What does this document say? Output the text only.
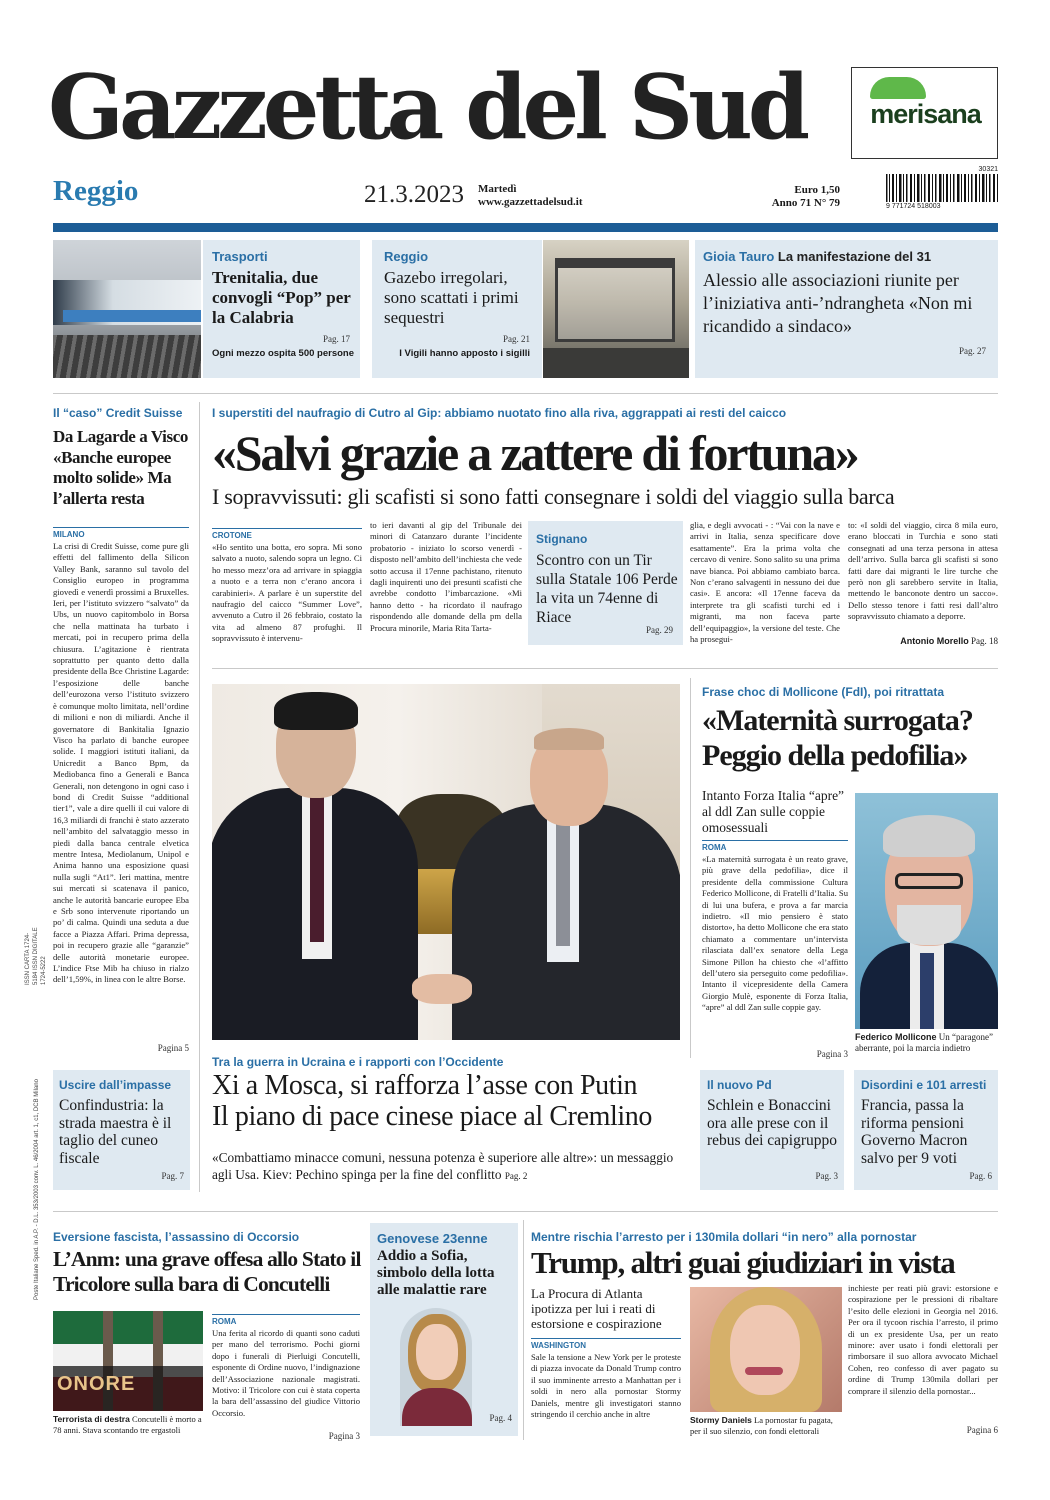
Gazzetta del Sud	merisana
Reggio	21.3.2023 Martedì
www.gazzettadelsud.it
Euro 1,50
Anno 71 N° 79
30321
9 771724 518003
ISSN CARTA 1724-5184 ISSN DIGITALE 1724-5222
Poste Italiane Sped. in A.P. - D.L. 353/2003 conv. L. 46/2004 art. 1, c1, DCB Milano
Trasporti
Trenitalia, due convogli “Pop” per la Calabria
Pag. 17
Ogni mezzo ospita 500 persone
Reggio
Gazebo irregolari, sono scattati i primi sequestri
Pag. 21
I Vigili hanno apposto i sigilli
Gioia Tauro La manifestazione del 31
Alessio alle associazioni riunite per l’iniziativa anti-’ndrangheta «Non mi ricandido a sindaco»
Pag. 27
Il “caso” Credit Suisse
Da Lagarde a Visco «Banche europee molto solide» Ma l’allerta resta
MILANO
La crisi di Credit Suisse, come pure gli effetti del fallimento della Silicon Valley Bank, saranno sul tavolo del Consiglio europeo in programma giovedì e venerdì prossimi a Bruxelles. Ieri, per l’istituto svizzero “salvato” da Ubs, un nuovo capitombolo in Borsa che nella mattinata ha turbato i mercati, poi in recupero prima della chiusura. L’agitazione è rientrata soprattutto per quanto detto dalla presidente della Bce Christine Lagarde: l’esposizione delle banche dell’eurozona verso l’istituto svizzero è comunque molto limitata, nell’ordine di milioni e non di miliardi. Anche il governatore di Bankitalia Ignazio Visco ha parlato di banche europee solide. I maggiori istituti italiani, da Unicredit a Banco Bpm, da Mediobanca fino a Generali e Banca Generali, non detengono in ogni caso i bond di Credit Suisse “additional tier1”, vale a dire quelli il cui valore di 16,3 miliardi di franchi è stato azzerato nell’ambito del salvataggio messo in piedi dalla banca centrale elvetica mentre Intesa, Mediolanum, Unipol e Anima hanno una esposizione quasi nulla sugli “At1”. Ieri mattina, mentre sui mercati si scatenava il panico, anche le autorità bancarie europee Eba e Srb sono intervenute riportando un po’ di calma. Quindi una seduta a due facce a Piazza Affari. Prima depressa, poi in recupero grazie alle “garanzie” delle autorità monetarie europee. L’indice Ftse Mib ha chiuso in rialzo dell’1,59%, in linea con le altre Borse.
Pagina 5
I superstiti del naufragio di Cutro al Gip: abbiamo nuotato fino alla riva, aggrappati ai resti del caicco
«Salvi grazie a zattere di fortuna»
I sopravvissuti: gli scafisti si sono fatti consegnare i soldi del viaggio sulla barca
CROTONE
«Ho sentito una botta, ero sopra. Mi sono salvato a nuoto, salendo sopra un legno. Ci ho messo mezz’ora ad arrivare in spiaggia a nuoto e a terra non c’erano ancora i carabinieri». A parlare è un superstite del naufragio del caicco “Summer Love”, avvenuto a Cutro il 26 febbraio, costato la vita ad almeno 87 profughi. Il sopravvissuto è intervenu-
to ieri davanti al gip del Tribunale dei minori di Catanzaro durante l’incidente probatorio - iniziato lo scorso venerdì - disposto nell’ambito dell’inchiesta che vede sotto accusa il 17enne pachistano, ritenuto dagli inquirenti uno dei presunti scafisti che avrebbe condotto l’imbarcazione. «Mi hanno detto - ha ricordato il naufrago rispondendo alle domande della pm della Procura minorile, Maria Rita Tarta-
Stignano
Scontro con un Tir sulla Statale 106 Perde la vita un 74enne di Riace
Pag. 29
glia, e degli avvocati - : “Vai con la nave e arrivi in Italia, senza specificare dove esattamente”. Era la prima volta che cercavo di venire. Sono salito su una prima nave bianca. Poi abbiamo cambiato barca. Non c’erano salvagenti in nessuno dei due casi». E ancora: «Il 17enne faceva da interprete tra gli scafisti turchi ed i migranti, ma non faceva parte dell’equipaggio», la versione del teste. Che ha prosegui-
to: «I soldi del viaggio, circa 8 mila euro, erano bloccati in Turchia e sono stati consegnati ad una terza persona in attesa dell’arrivo. Sulla barca gli scafisti si sono fatti dare dai migranti le lire turche che però non gli sarebbero servite in Italia, mettendo le banconote dentro un sacco». Dello stesso tenore i fatti resi dall’altro sopravvissuto chiamato a deporre.
Antonio Morello Pag. 18
Tra la guerra in Ucraina e i rapporti con l’Occidente
Xi a Mosca, si rafforza l’asse con Putin
Il piano di pace cinese piace al Cremlino
«Combattiamo minacce comuni, nessuna potenza è superiore alle altre»: un messaggio agli Usa. Kiev: Pechino spinga per la fine del conflitto Pag. 2
Frase choc di Mollicone (FdI), poi ritrattata
«Maternità surrogata? Peggio della pedofilia»
Intanto Forza Italia “apre” al ddl Zan sulle coppie omosessuali
ROMA
«La maternità surrogata è un reato grave, più grave della pedofilia», dice il presidente della commissione Cultura Federico Mollicone, di Fratelli d’Italia. Su di lui una bufera, e prova a far marcia indietro. «Il mio pensiero è stato distorto», ha detto Mollicone che era stato chiamato a commentare un’intervista rilasciata dall’ex senatore della Lega Simone Pillon ha chiesto che «l’affitto dell’utero sia perseguito come pedofilia». Intanto il vicepresidente della Camera Giorgio Mulè, esponente di Forza Italia, “apre” al ddl Zan sulle coppie gay.
Pagina 3
Federico Mollicone Un “paragone” aberrante, poi la marcia indietro
Uscire dall’impasse
Confindustria: la strada maestra è il taglio del cuneo fiscale
Pag. 7
Il nuovo Pd
Schlein e Bonaccini ora alle prese con il rebus dei capigruppo
Pag. 3
Disordini e 101 arresti
Francia, passa la riforma pensioni Governo Macron salvo per 9 voti
Pag. 6
Eversione fascista, l’assassino di Occorsio
L’Anm: una grave offesa allo Stato il Tricolore sulla bara di Concutelli
ONORE
Terrorista di destra Concutelli è morto a 78 anni. Stava scontando tre ergastoli
ROMA
Una ferita al ricordo di quanti sono caduti per mano del terrorismo. Pochi giorni dopo i funerali di Pierluigi Concutelli, esponente di Ordine nuovo, l’indignazione dell’Associazione nazionale magistrati. Motivo: il Tricolore con cui è stata coperta la bara dell’assassino del giudice Vittorio Occorsio.
Pagina 3
Genovese 23enne
Addio a Sofia, simbolo della lotta alle malattie rare
Pag. 4
Mentre rischia l’arresto per i 130mila dollari “in nero” alla pornostar
Trump, altri guai giudiziari in vista
La Procura di Atlanta ipotizza per lui i reati di estorsione e cospirazione
WASHINGTON
Sale la tensione a New York per le proteste di piazza invocate da Donald Trump contro il suo imminente arresto a Manhattan per i soldi in nero alla pornostar Stormy Daniels, mentre gli investigatori stanno stringendo il cerchio anche in altre
Stormy Daniels La pornostar fu pagata, per il suo silenzio, con fondi elettorali
inchieste per reati più gravi: estorsione e cospirazione per le pressioni di ribaltare l’esito delle elezioni in Georgia nel 2016. Per ora il tycoon rischia l’arresto, il primo di un ex presidente Usa, per un reato minore: aver usato i fondi elettorali per rimborsare il suo allora avvocato Michael Cohen, reo confesso di aver pagato su ordine di Trump 130mila dollari per comprare il silenzio della pornostar...
Pagina 6
